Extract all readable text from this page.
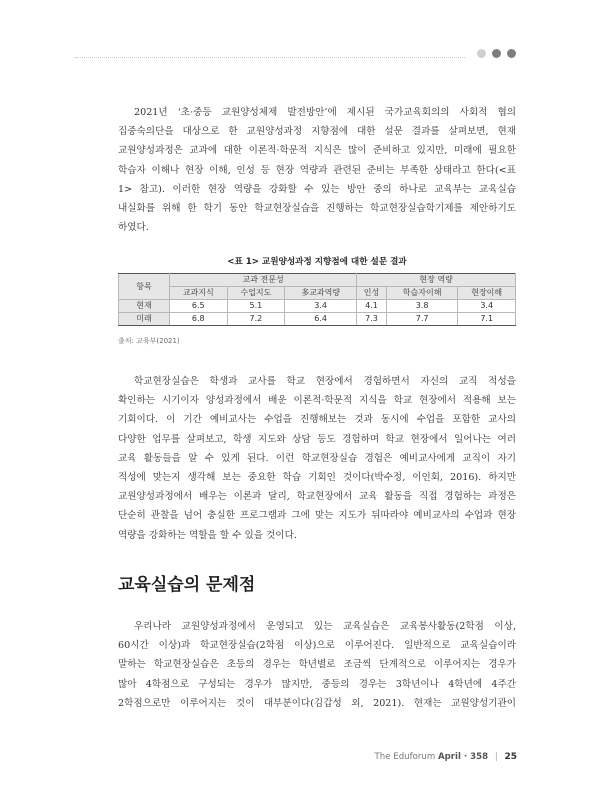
2021년 ‘초·중등 교원양성체제 발전방안’에 제시된 국가교육회의의 사회적 협의
집중숙의단을 대상으로 한 교원양성과정 지향점에 대한 설문 결과를 살펴보면, 현재
교원양성과정은 교과에 대한 이론적·학문적 지식은 많이 준비하고 있지만, 미래에 필요한
학습자 이해나 현장 이해, 인성 등 현장 역량과 관련된 준비는 부족한 상태라고 한다(<표
1> 참고). 이러한 현장 역량을 강화할 수 있는 방안 중의 하나로 교육부는 교육실습
내실화를 위해 한 학기 동안 학교현장실습을 진행하는 학교현장실습학기제를 제안하기도
하였다.

<표 1> 교원양성과정 지향점에 대한 설문 결과
항목	교과 전문성			현장 역량		
	교과지식	수업지도	多교과역량	인성	학습자이해	현장이해
현재	6.5	5.1	3.4	4.1	3.8	3.4
미래	6.8	7.2	6.4	7.3	7.7	7.1
출처: 교육부(2021)

학교현장실습은 학생과 교사를 학교 현장에서 경험하면서 자신의 교직 적성을
확인하는 시기이자 양성과정에서 배운 이론적·학문적 지식을 학교 현장에서 적용해 보는
기회이다. 이 기간 예비교사는 수업을 진행해보는 것과 동시에 수업을 포함한 교사의
다양한 업무를 살펴보고, 학생 지도와 상담 등도 경험하며 학교 현장에서 일어나는 여러
교육 활동들을 알 수 있게 된다. 이런 학교현장실습 경험은 예비교사에게 교직이 자기
적성에 맞는지 생각해 보는 중요한 학습 기회인 것이다(박수정, 이인회, 2016). 하지만
교원양성과정에서 배우는 이론과 달리, 학교현장에서 교육 활동을 직접 경험하는 과정은
단순히 관찰을 넘어 충실한 프로그램과 그에 맞는 지도가 뒤따라야 예비교사의 수업과 현장
역량을 강화하는 역할을 할 수 있을 것이다.

교육실습의 문제점

우리나라 교원양성과정에서 운영되고 있는 교육실습은 교육봉사활동(2학점 이상,
60시간 이상)과 학교현장실습(2학점 이상)으로 이루어진다. 일반적으로 교육실습이라
말하는 학교현장실습은 초등의 경우는 학년별로 조금씩 단계적으로 이루어지는 경우가
많아 4학점으로 구성되는 경우가 많지만, 중등의 경우는 3학년이나 4학년에 4주간
2학점으로만 이루어지는 것이 대부분이다(김갑성 외, 2021). 현재는 교원양성기관이

The Eduforum April · 358 | 25
